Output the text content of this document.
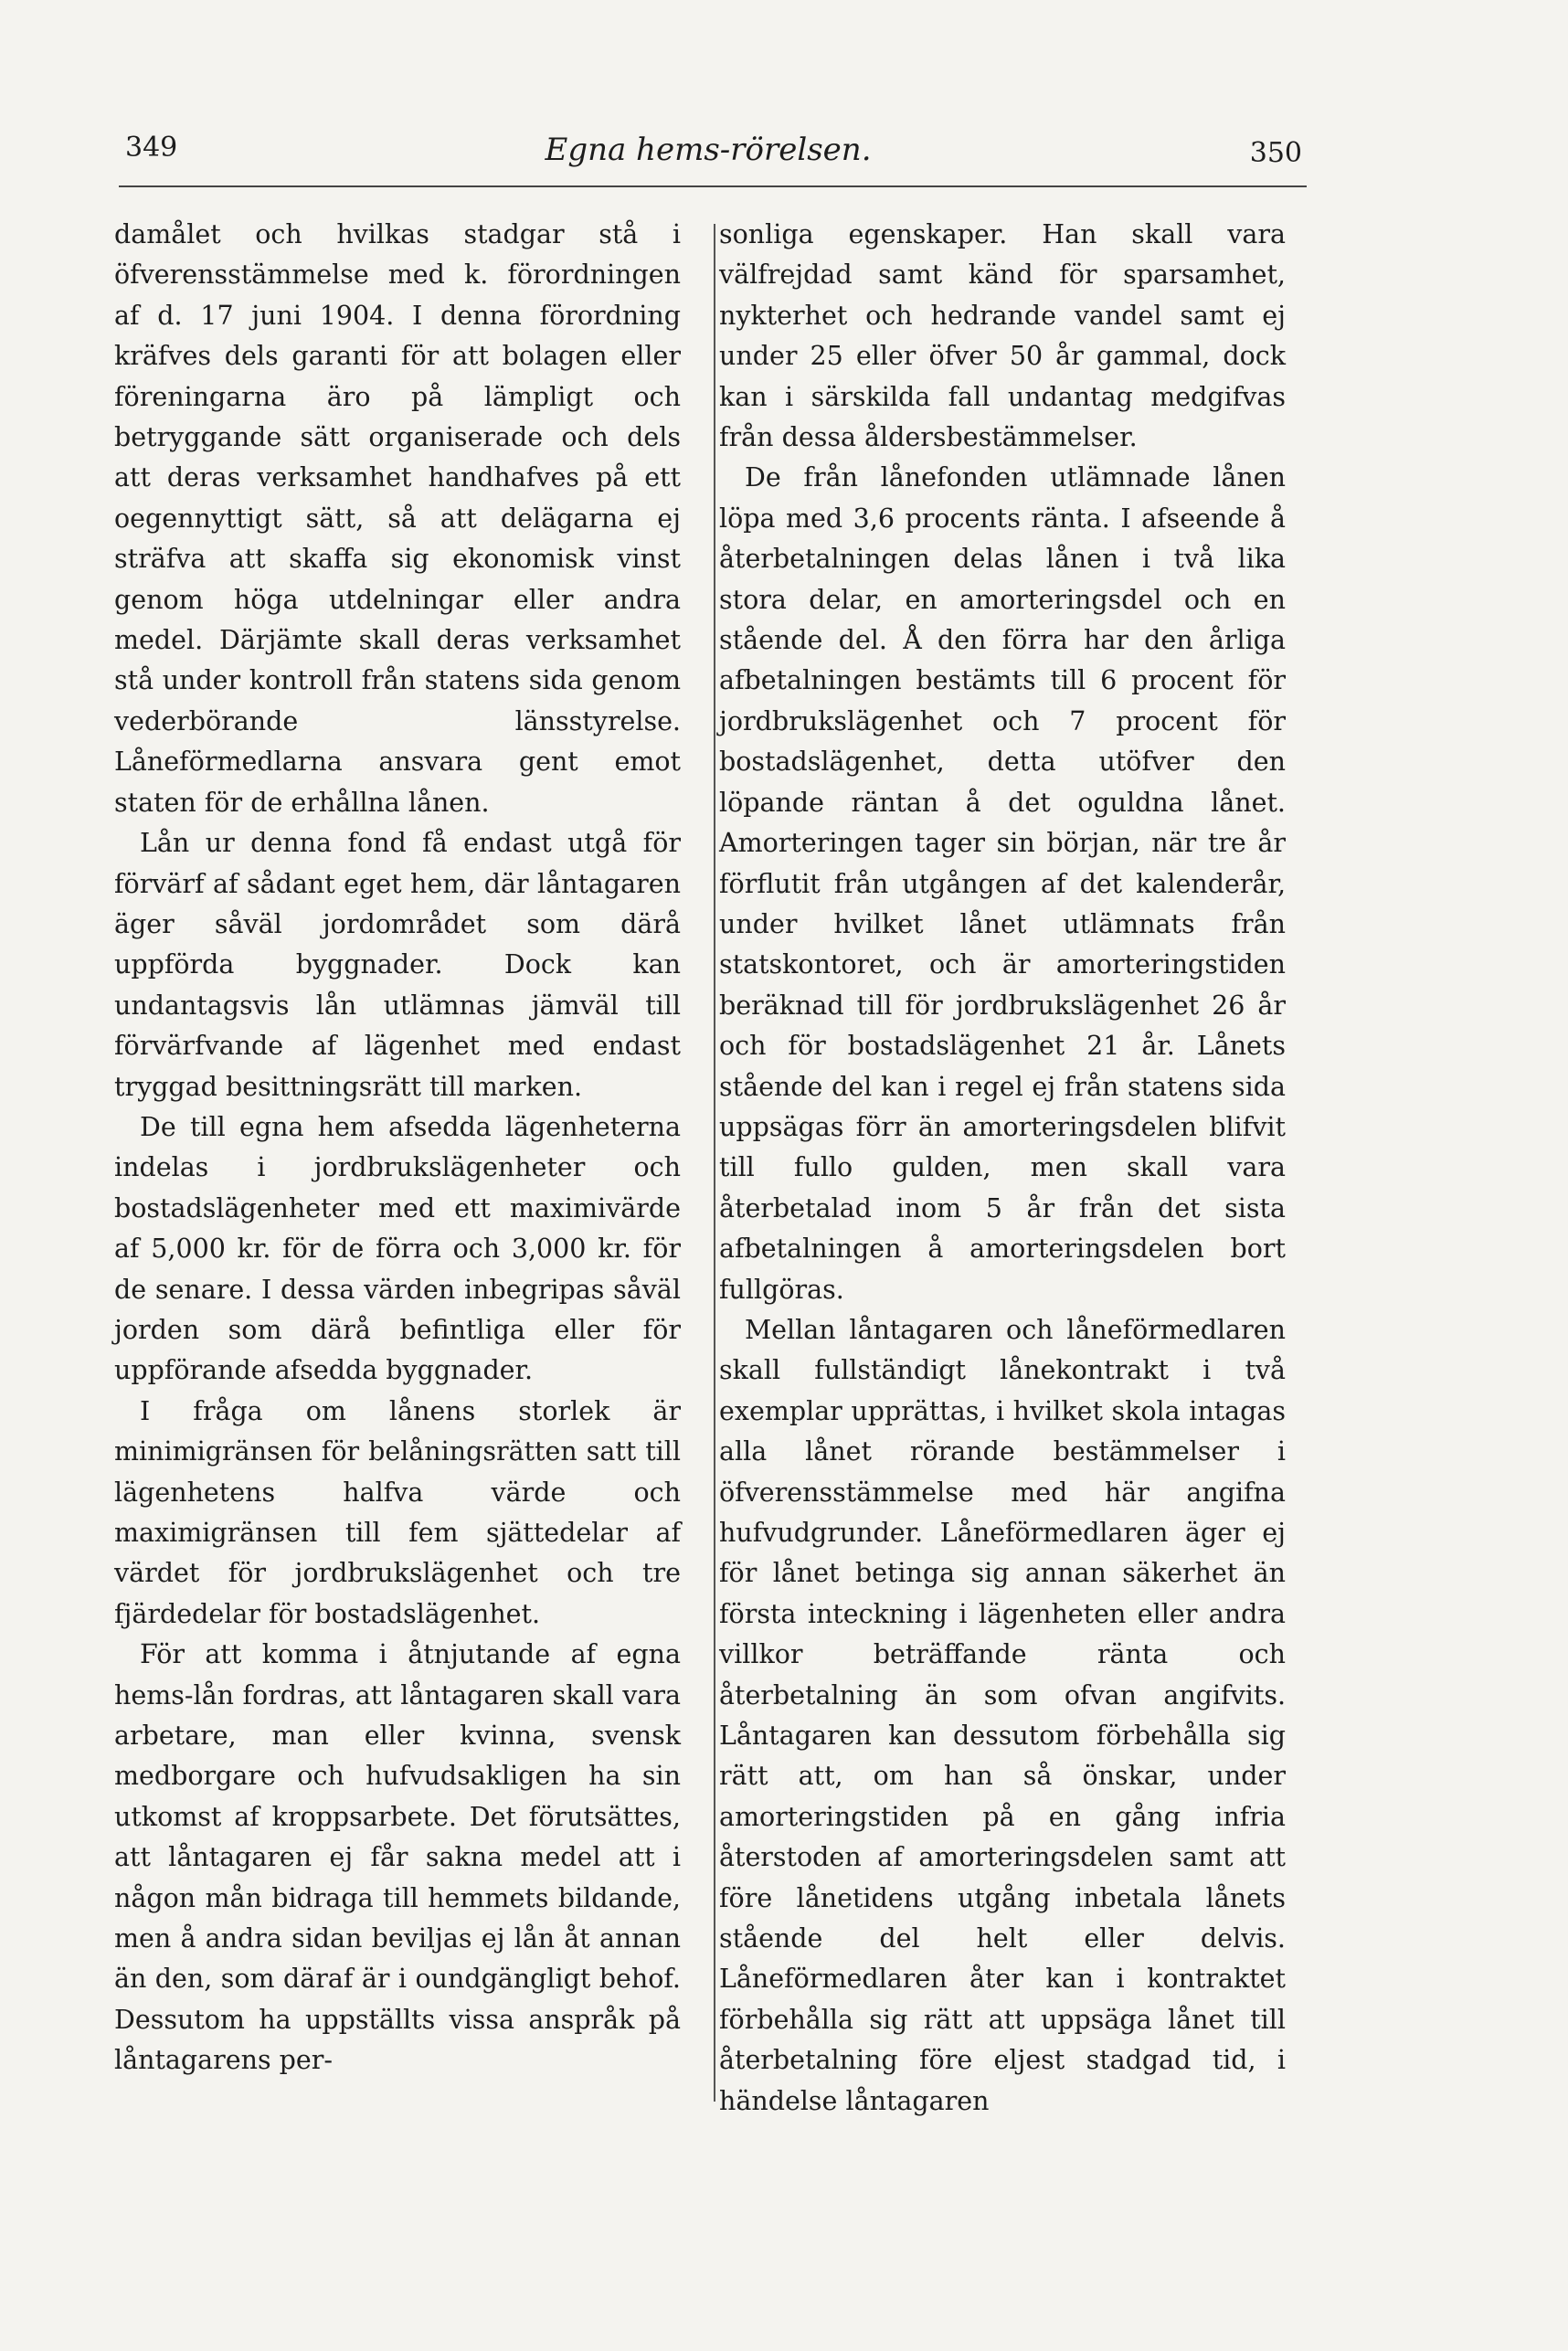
349	Egna hems-rörelsen.	350

damålet och hvilkas stadgar stå i öfverensstämmelse med k. förordningen af d. 17 juni 1904. I denna förordning kräfves dels garanti för att bolagen eller föreningarna äro på lämpligt och betryggande sätt organiserade och dels att deras verksamhet handhafves på ett oegennyttigt sätt, så att delägarna ej sträfva att skaffa sig ekonomisk vinst genom höga utdelningar eller andra medel. Därjämte skall deras verksamhet stå under kontroll från statens sida genom vederbörande länsstyrelse. Låneförmedlarna ansvara gent emot staten för de erhållna lånen.

Lån ur denna fond få endast utgå för förvärf af sådant eget hem, där låntagaren äger såväl jordområdet som därå uppförda byggnader. Dock kan undantagsvis lån utlämnas jämväl till förvärfvande af lägenhet med endast tryggad besittningsrätt till marken.

De till egna hem afsedda lägenheterna indelas i jordbrukslägenheter och bostadslägenheter med ett maximivärde af 5,000 kr. för de förra och 3,000 kr. för de senare. I dessa värden inbegripas såväl jorden som därå befintliga eller för uppförande afsedda byggnader.

I fråga om lånens storlek är minimigränsen för belåningsrätten satt till lägenhetens halfva värde och maximigränsen till fem sjättedelar af värdet för jordbrukslägenhet och tre fjärdedelar för bostadslägenhet.

För att komma i åtnjutande af egna hems-lån fordras, att låntagaren skall vara arbetare, man eller kvinna, svensk medborgare och hufvudsakligen ha sin utkomst af kroppsarbete. Det förutsättes, att låntagaren ej får sakna medel att i någon mån bidraga till hemmets bildande, men å andra sidan beviljas ej lån åt annan än den, som däraf är i oundgängligt behof. Dessutom ha uppställts vissa anspråk på låntagarens per-

sonliga egenskaper. Han skall vara välfrejdad samt känd för sparsamhet, nykterhet och hedrande vandel samt ej under 25 eller öfver 50 år gammal, dock kan i särskilda fall undantag medgifvas från dessa åldersbestämmelser.

De från lånefonden utlämnade lånen löpa med 3,6 procents ränta. I afseende å återbetalningen delas lånen i två lika stora delar, en amorteringsdel och en stående del. Å den förra har den årliga afbetalningen bestämts till 6 procent för jordbrukslägenhet och 7 procent för bostadslägenhet, detta utöfver den löpande räntan å det oguldna lånet. Amorteringen tager sin början, när tre år förflutit från utgången af det kalenderår, under hvilket lånet utlämnats från statskontoret, och är amorteringstiden beräknad till för jordbrukslägenhet 26 år och för bostadslägenhet 21 år. Lånets stående del kan i regel ej från statens sida uppsägas förr än amorteringsdelen blifvit till fullo gulden, men skall vara återbetalad inom 5 år från det sista afbetalningen å amorteringsdelen bort fullgöras.

Mellan låntagaren och låneförmedlaren skall fullständigt lånekontrakt i två exemplar upprättas, i hvilket skola intagas alla lånet rörande bestämmelser i öfverensstämmelse med här angifna hufvudgrunder. Låneförmedlaren äger ej för lånet betinga sig annan säkerhet än första inteckning i lägenheten eller andra villkor beträffande ränta och återbetalning än som ofvan angifvits. Låntagaren kan dessutom förbehålla sig rätt att, om han så önskar, under amorteringstiden på en gång infria återstoden af amorteringsdelen samt att före lånetidens utgång inbetala lånets stående del helt eller delvis. Låneförmedlaren åter kan i kontraktet förbehålla sig rätt att uppsäga lånet till återbetalning före eljest stadgad tid, i händelse låntagaren
